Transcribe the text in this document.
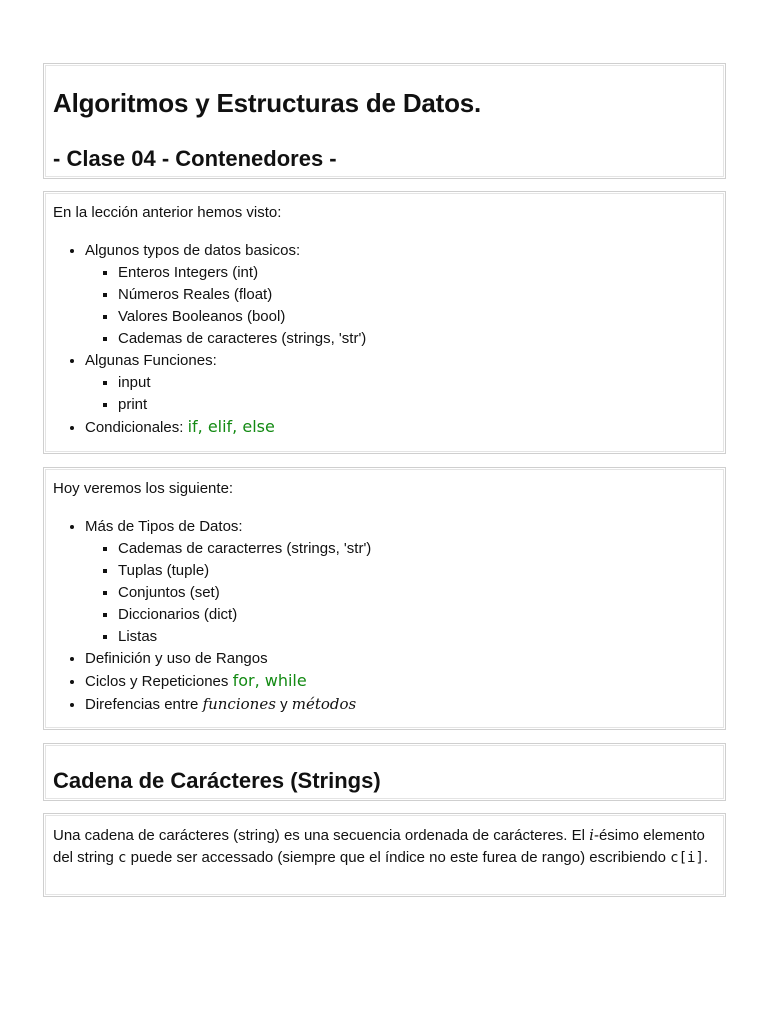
Algoritmos y Estructuras de Datos.
- Clase 04 - Contenedores -

En la lección anterior hemos visto:

• Algunos typos de datos basicos:
▪ Enteros Integers (int)
▪ Números Reales (float)
▪ Valores Booleanos (bool)
▪ Cademas de caracteres (strings, 'str')
• Algunas Funciones:
▪ input
▪ print
• Condicionales: if, elif, else

Hoy veremos los siguiente:

• Más de Tipos de Datos:
▪ Cademas de caracterres (strings, 'str')
▪ Tuplas (tuple)
▪ Conjuntos (set)
▪ Diccionarios (dict)
▪ Listas
• Definición y uso de Rangos
• Ciclos y Repeticiones for, while
• Direfencias entre funciones y métodos
Cadena de Carácteres (Strings)

Una cadena de carácteres (string) es una secuencia ordenada de carácteres. El i-ésimo elemento del string c puede ser accessado (siempre que el índice no este furea de rango) escribiendo c[i].
